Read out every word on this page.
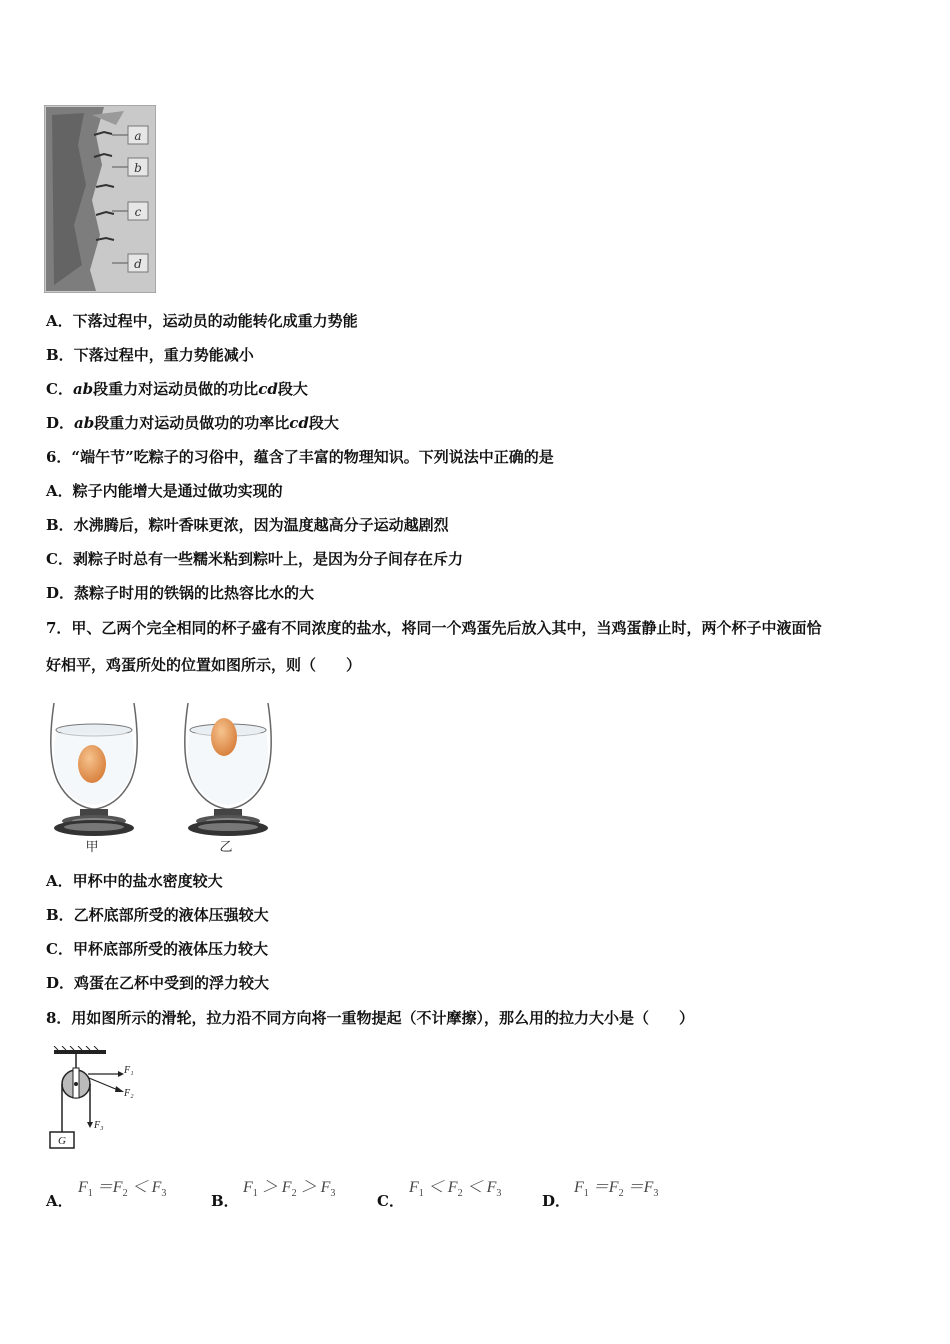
a
b
c
d
A．下落过程中，运动员的动能转化成重力势能
B．下落过程中，重力势能减小
C．ab段重力对运动员做的功比cd段大
D．ab段重力对运动员做功的功率比cd段大
6．“端午节”吃粽子的习俗中，蕴含了丰富的物理知识。下列说法中正确的是
A．粽子内能增大是通过做功实现的
B．水沸腾后，粽叶香味更浓，因为温度越高分子运动越剧烈
C．剥粽子时总有一些糯米粘到粽叶上，是因为分子间存在斥力
D．蒸粽子时用的铁锅的比热容比水的大
7．甲、乙两个完全相同的杯子盛有不同浓度的盐水，将同一个鸡蛋先后放入其中，当鸡蛋静止时，两个杯子中液面恰
好相平，鸡蛋所处的位置如图所示，则（　　）
甲	乙
A．甲杯中的盐水密度较大
B．乙杯底部所受的液体压强较大
C．甲杯底部所受的液体压力较大
D．鸡蛋在乙杯中受到的浮力较大
8．用如图所示的滑轮，拉力沿不同方向将一重物提起（不计摩擦），那么用的拉力大小是（　　）
F₁
F₂
F₃
G
A．
$F_1 =F_2 < F_3$	B．
$F_1 > F_2 > F_3$	C．
$F_1 < F_2 < F_3$	D．
$F_1 =F_2 =F_3$
